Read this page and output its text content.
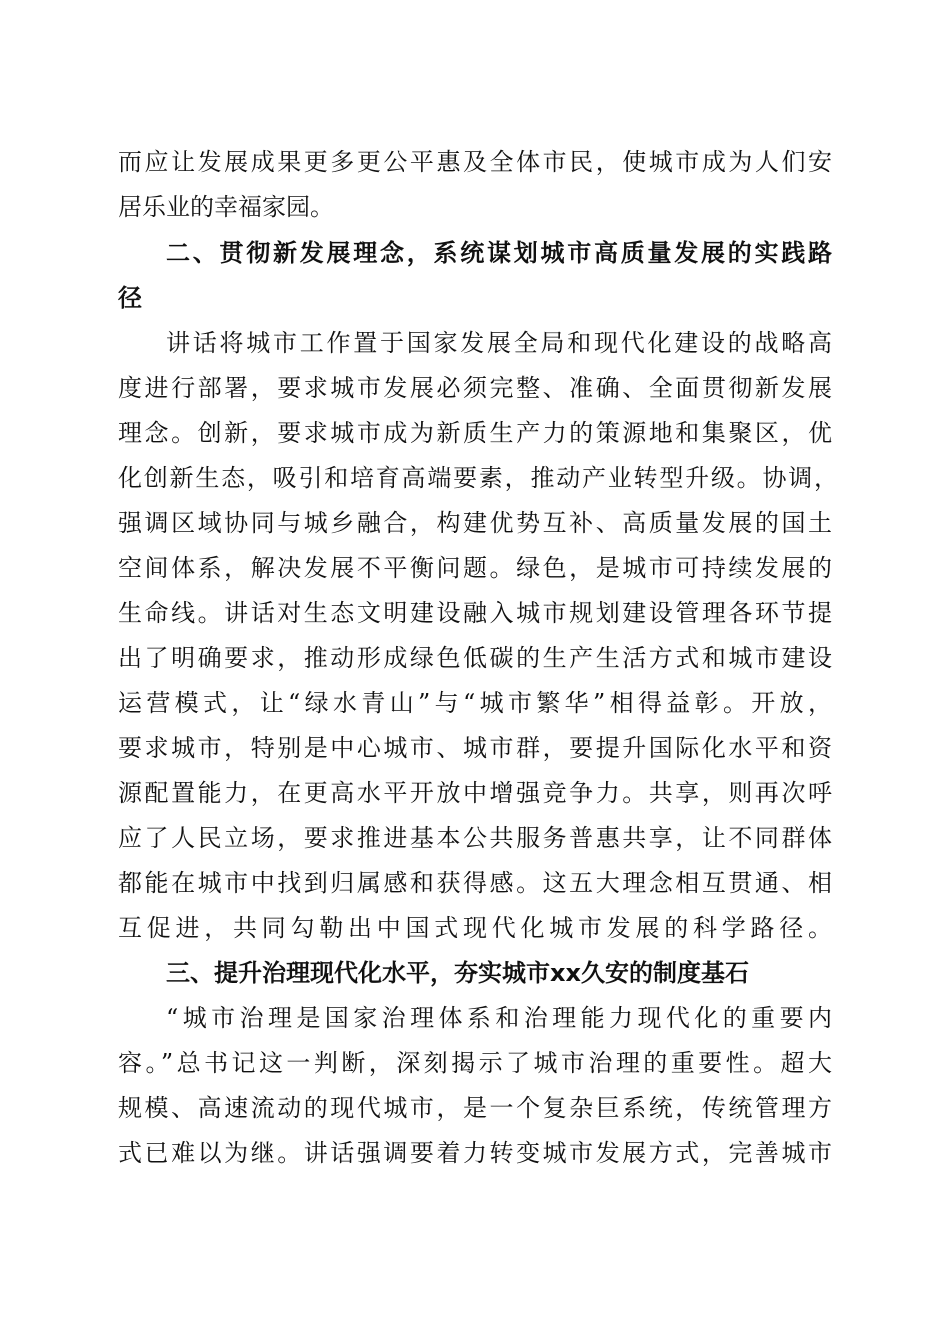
而应让发展成果更多更公平惠及全体市民，使城市成为人们安
居乐业的幸福家园。
二、贯彻新发展理念，系统谋划城市高质量发展的实践路
径
讲话将城市工作置于国家发展全局和现代化建设的战略高
度进行部署，要求城市发展必须完整、准确、全面贯彻新发展
理念。创新，要求城市成为新质生产力的策源地和集聚区，优
化创新生态，吸引和培育高端要素，推动产业转型升级。协调，
强调区域协同与城乡融合，构建优势互补、高质量发展的国土
空间体系，解决发展不平衡问题。绿色，是城市可持续发展的
生命线。讲话对生态文明建设融入城市规划建设管理各环节提
出了明确要求，推动形成绿色低碳的生产生活方式和城市建设
运营模式，让“绿水青山”与“城市繁华”相得益彰。开放，
要求城市，特别是中心城市、城市群，要提升国际化水平和资
源配置能力，在更高水平开放中增强竞争力。共享，则再次呼
应了人民立场，要求推进基本公共服务普惠共享，让不同群体
都能在城市中找到归属感和获得感。这五大理念相互贯通、相
互促进，共同勾勒出中国式现代化城市发展的科学路径。
三、提升治理现代化水平，夯实城市xx久安的制度基石
“城市治理是国家治理体系和治理能力现代化的重要内
容。”总书记这一判断，深刻揭示了城市治理的重要性。超大
规模、高速流动的现代城市，是一个复杂巨系统，传统管理方
式已难以为继。讲话强调要着力转变城市发展方式，完善城市
